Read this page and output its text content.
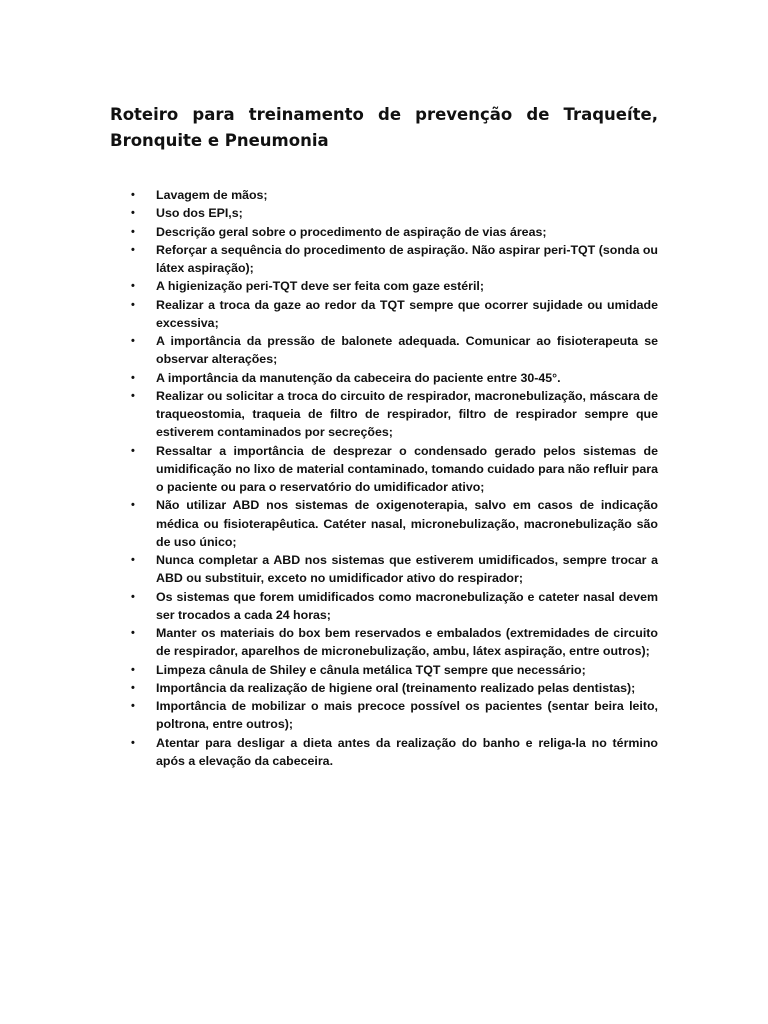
Roteiro para treinamento de prevenção de Traqueíte, Bronquite e Pneumonia
• Lavagem de mãos;
• Uso dos EPI,s;
• Descrição geral sobre o procedimento de aspiração de vias áreas;
• Reforçar a sequência do procedimento de aspiração. Não aspirar peri-TQT (sonda ou látex aspiração);
• A higienização peri-TQT deve ser feita com gaze estéril;
• Realizar a troca da gaze ao redor da TQT sempre que ocorrer sujidade ou umidade excessiva;
• A importância da pressão de balonete adequada. Comunicar ao fisioterapeuta se observar alterações;
• A importância da manutenção da cabeceira do paciente entre 30-45°.
• Realizar ou solicitar a troca do circuito de respirador, macronebulização, máscara de traqueostomia, traqueia de filtro de respirador, filtro de respirador sempre que estiverem contaminados por secreções;
• Ressaltar a importância de desprezar o condensado gerado pelos sistemas de umidificação no lixo de material contaminado, tomando cuidado para não refluir para o paciente ou para o reservatório do umidificador ativo;
• Não utilizar ABD nos sistemas de oxigenoterapia, salvo em casos de indicação médica ou fisioterapêutica. Catéter nasal, micronebulização, macronebulização são de uso único;
• Nunca completar a ABD nos sistemas que estiverem umidificados, sempre trocar a ABD ou substituir, exceto no umidificador ativo do respirador;
• Os sistemas que forem umidificados como macronebulização e cateter nasal devem ser trocados a cada 24 horas;
• Manter os materiais do box bem reservados e embalados (extremidades de circuito de respirador, aparelhos de micronebulização, ambu, látex aspiração, entre outros);
• Limpeza cânula de Shiley e cânula metálica TQT sempre que necessário;
• Importância da realização de higiene oral (treinamento realizado pelas dentistas);
• Importância de mobilizar o mais precoce possível os pacientes (sentar beira leito, poltrona, entre outros);
• Atentar para desligar a dieta antes da realização do banho e religa-la no término após a elevação da cabeceira.
